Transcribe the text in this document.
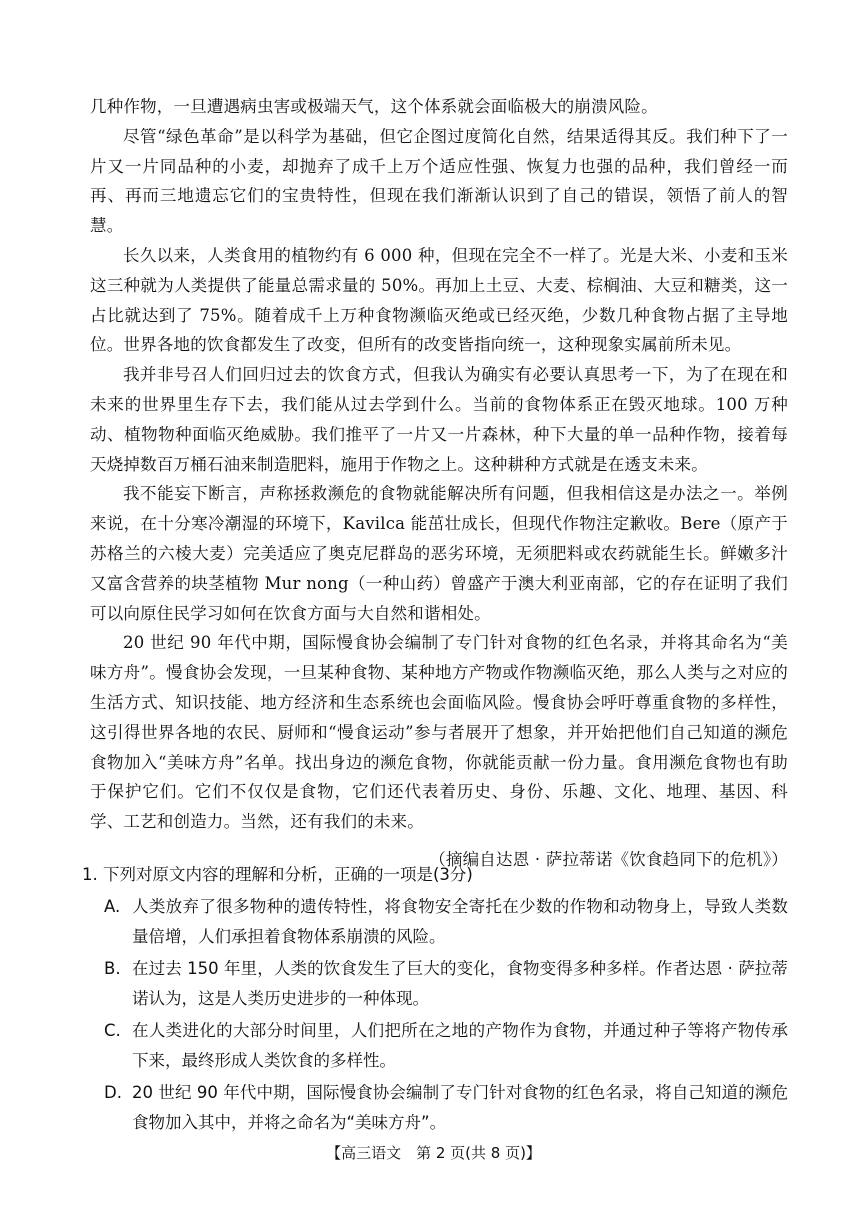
几种作物，一旦遭遇病虫害或极端天气，这个体系就会面临极大的崩溃风险。

尽管“绿色革命”是以科学为基础，但它企图过度简化自然，结果适得其反。我们种下了一片又一片同品种的小麦，却抛弃了成千上万个适应性强、恢复力也强的品种，我们曾经一而再、再而三地遗忘它们的宝贵特性，但现在我们渐渐认识到了自己的错误，领悟了前人的智慧。

长久以来，人类食用的植物约有 6 000 种，但现在完全不一样了。光是大米、小麦和玉米这三种就为人类提供了能量总需求量的 50%。再加上土豆、大麦、棕榈油、大豆和糖类，这一占比就达到了 75%。随着成千上万种食物濒临灭绝或已经灭绝，少数几种食物占据了主导地位。世界各地的饮食都发生了改变，但所有的改变皆指向统一，这种现象实属前所未见。

我并非号召人们回归过去的饮食方式，但我认为确实有必要认真思考一下，为了在现在和未来的世界里生存下去，我们能从过去学到什么。当前的食物体系正在毁灭地球。100 万种动、植物物种面临灭绝威胁。我们推平了一片又一片森林，种下大量的单一品种作物，接着每天烧掉数百万桶石油来制造肥料，施用于作物之上。这种耕种方式就是在透支未来。

我不能妄下断言，声称拯救濒危的食物就能解决所有问题，但我相信这是办法之一。举例来说，在十分寒冷潮湿的环境下，Kavilca 能茁壮成长，但现代作物注定歉收。Bere（原产于苏格兰的六棱大麦）完美适应了奥克尼群岛的恶劣环境，无须肥料或农药就能生长。鲜嫩多汁又富含营养的块茎植物 Mur nong（一种山药）曾盛产于澳大利亚南部，它的存在证明了我们可以向原住民学习如何在饮食方面与大自然和谐相处。

20 世纪 90 年代中期，国际慢食协会编制了专门针对食物的红色名录，并将其命名为“美味方舟”。慢食协会发现，一旦某种食物、某种地方产物或作物濒临灭绝，那么人类与之对应的生活方式、知识技能、地方经济和生态系统也会面临风险。慢食协会呼吁尊重食物的多样性，这引得世界各地的农民、厨师和“慢食运动”参与者展开了想象，并开始把他们自己知道的濒危食物加入“美味方舟”名单。找出身边的濒危食物，你就能贡献一份力量。食用濒危食物也有助于保护它们。它们不仅仅是食物，它们还代表着历史、身份、乐趣、文化、地理、基因、科学、工艺和创造力。当然，还有我们的未来。

（摘编自达恩 · 萨拉蒂诺《饮食趋同下的危机》）

1. 下列对原文内容的理解和分析，正确的一项是(3分)

A. 人类放弃了很多物种的遗传特性，将食物安全寄托在少数的作物和动物身上，导致人类数量倍增，人们承担着食物体系崩溃的风险。

B. 在过去 150 年里，人类的饮食发生了巨大的变化，食物变得多种多样。作者达恩 · 萨拉蒂诺认为，这是人类历史进步的一种体现。

C. 在人类进化的大部分时间里，人们把所在之地的产物作为食物，并通过种子等将产物传承下来，最终形成人类饮食的多样性。

D. 20 世纪 90 年代中期，国际慢食协会编制了专门针对食物的红色名录，将自己知道的濒危食物加入其中，并将之命名为“美味方舟”。

【高三语文　第 2 页(共 8 页)】
